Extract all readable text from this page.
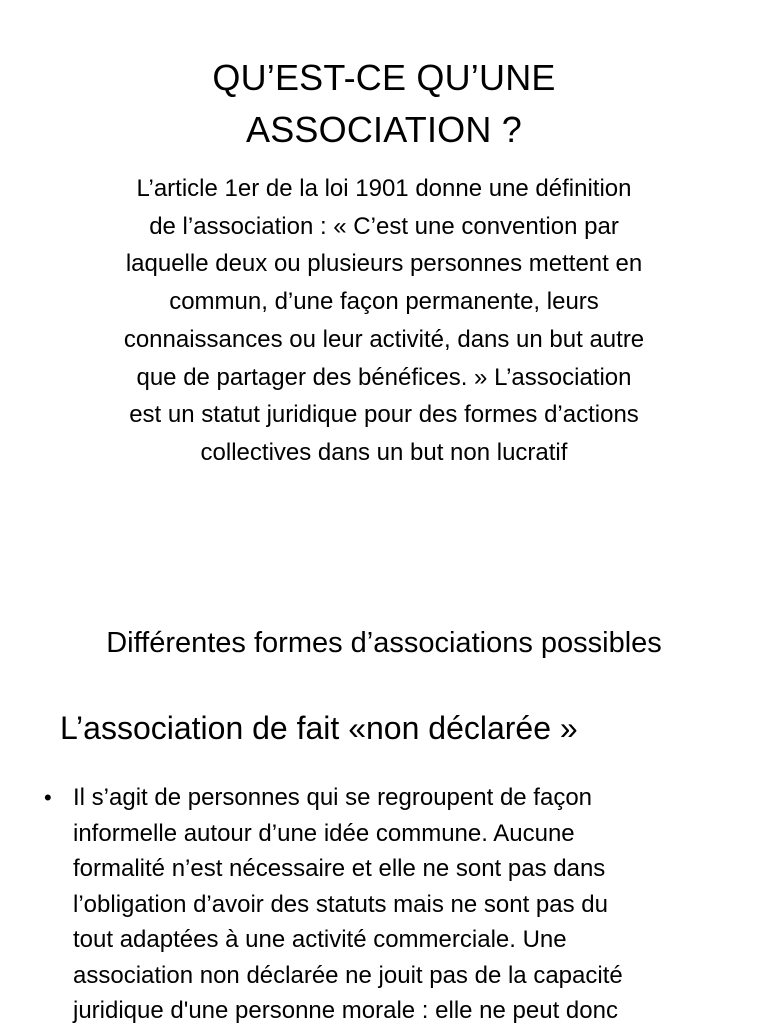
QU’EST-CE QU’UNE
ASSOCIATION ?

L’article 1er de la loi 1901 donne une définition
de l’association : « C’est une convention par
laquelle deux ou plusieurs personnes mettent en
commun, d’une façon permanente, leurs
connaissances ou leur activité, dans un but autre
que de partager des bénéfices. » L’association
est un statut juridique pour des formes d’actions
collectives dans un but non lucratif

Différentes formes d’associations possibles
L’association de fait «non déclarée »
• Il s’agit de personnes qui se regroupent de façon
informelle autour d’une idée commune. Aucune
formalité n’est nécessaire et elle ne sont pas dans
l’obligation d’avoir des statuts mais ne sont pas du
tout adaptées à une activité commerciale. Une
association non déclarée ne jouit pas de la capacité
juridique d'une personne morale : elle ne peut donc
